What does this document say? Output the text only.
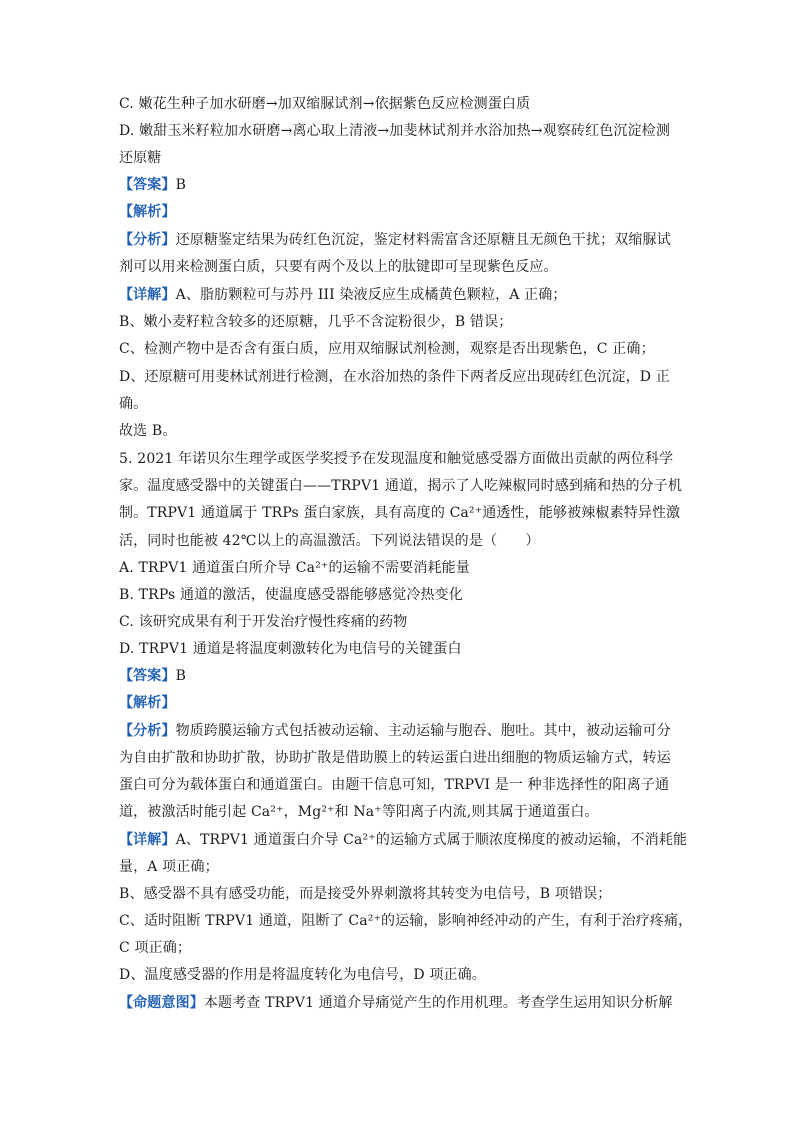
C. 嫩花生种子加水研磨→加双缩脲试剂→依据紫色反应检测蛋白质
D. 嫩甜玉米籽粒加水研磨→离心取上清液→加斐林试剂并水浴加热→观察砖红色沉淀检测
还原糖
【答案】B
【解析】
【分析】还原糖鉴定结果为砖红色沉淀，鉴定材料需富含还原糖且无颜色干扰；双缩脲试
剂可以用来检测蛋白质，只要有两个及以上的肽键即可呈现紫色反应。
【详解】A、脂肪颗粒可与苏丹 III 染液反应生成橘黄色颗粒，A 正确；
B、嫩小麦籽粒含较多的还原糖，几乎不含淀粉很少，B 错误；
C、检测产物中是否含有蛋白质，应用双缩脲试剂检测，观察是否出现紫色，C 正确；
D、还原糖可用斐林试剂进行检测，在水浴加热的条件下两者反应出现砖红色沉淀，D 正
确。
故选 B。
5. 2021 年诺贝尔生理学或医学奖授予在发现温度和触觉感受器方面做出贡献的两位科学
家。温度感受器中的关键蛋白——TRPV1 通道，揭示了人吃辣椒同时感到痛和热的分子机
制。TRPV1 通道属于 TRPs 蛋白家族，具有高度的 Ca²⁺通透性，能够被辣椒素特异性激
活，同时也能被 42℃以上的高温激活。下列说法错误的是（　　）
A. TRPV1 通道蛋白所介导 Ca²⁺的运输不需要消耗能量
B. TRPs 通道的激活，使温度感受器能够感觉冷热变化
C. 该研究成果有利于开发治疗慢性疼痛的药物
D. TRPV1 通道是将温度刺激转化为电信号的关键蛋白
【答案】B
【解析】
【分析】物质跨膜运输方式包括被动运输、主动运输与胞吞、胞吐。其中，被动运输可分
为自由扩散和协助扩散，协助扩散是借助膜上的转运蛋白进出细胞的物质运输方式，转运
蛋白可分为载体蛋白和通道蛋白。由题干信息可知，TRPVI 是一 种非选择性的阳离子通
道，被激活时能引起 Ca²⁺，Mg²⁺和 Na⁺等阳离子内流,则其属于通道蛋白。
【详解】A、TRPV1 通道蛋白介导 Ca²⁺的运输方式属于顺浓度梯度的被动运输，不消耗能
量，A 项正确；
B、感受器不具有感受功能，而是接受外界刺激将其转变为电信号，B 项错误；
C、适时阻断 TRPV1 通道，阻断了 Ca²⁺的运输，影响神经冲动的产生，有利于治疗疼痛，
C 项正确；
D、温度感受器的作用是将温度转化为电信号，D 项正确。
【命题意图】本题考查 TRPV1 通道介导痛觉产生的作用机理。考查学生运用知识分析解
